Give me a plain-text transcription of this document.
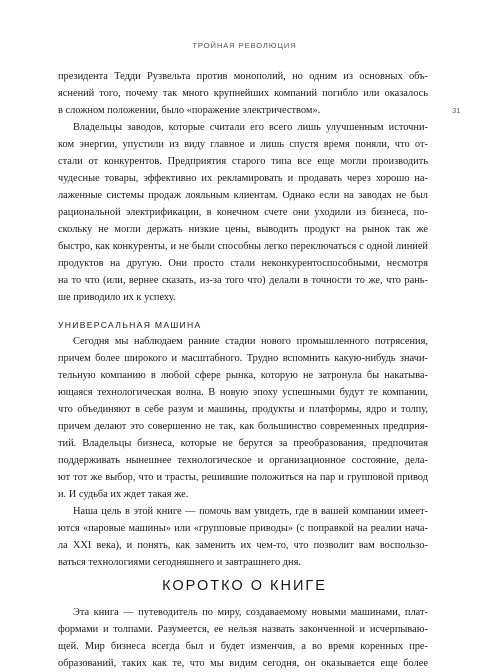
ТРОЙНАЯ РЕВОЛЮЦИЯ
31
президента Тедди Рузвельта против монополий, но одним из основных объ-
яснений того, почему так много крупнейших компаний погибло или оказалось
в сложном положении, было «поражение электричеством».
Владельцы заводов, которые считали его всего лишь улучшенным источни-
ком энергии, упустили из виду главное и лишь спустя время поняли, что от-
стали от конкурентов. Предприятия старого типа все еще могли производить
чудесные товары, эффективно их рекламировать и продавать через хорошо на-
лаженные системы продаж лояльным клиентам. Однако если на заводах не был
рациональной электрификации, в конечном счете они уходили из бизнеса, по-
скольку не могли держать низкие цены, выводить продукт на рынок так же
быстро, как конкуренты, и не были способны легко переключаться с одной линией
продуктов на другую. Они просто стали неконкурентоспособными, несмотря
на то что (или, вернее сказать, из-за того что) делали в точности то же, что рань-
ше приводило их к успеху.
УНИВЕРСАЛЬНАЯ МАШИНА
Сегодня мы наблюдаем ранние стадии нового промышленного потрясения,
причем более широкого и масштабного. Трудно вспомнить какую-нибудь значи-
тельную компанию в любой сфере рынка, которую не затронула бы накатыва-
ющаяся технологическая волна. В новую эпоху успешными будут те компании,
что объединяют в себе разум и машины, продукты и платформы, ядро и толпу,
причем делают это совершенно не так, как большинство современных предприя-
тий. Владельцы бизнеса, которые не берутся за преобразования, предпочитая
поддерживать нынешнее технологическое и организационное состояние, дела-
ют тот же выбор, что и трасты, решившие положиться на пар и групповой привод
и. И судьба их ждет такая же.
Наша цель в этой книге — помочь вам увидеть, где в вашей компании имеет-
ются «паровые машины» или «групповые приводы» (с поправкой на реалии нача-
ла XXI века), и понять, как заменить их чем-то, что позволит вам воспользо-
ваться технологиями сегодняшнего и завтрашнего дня.
КОРОТКО О КНИГЕ
Эта книга — путеводитель по миру, создаваемому новыми машинами, плат-
формами и толпами. Разумеется, ее нельзя назвать законченной и исчерпываю-
щей. Мир бизнеса всегда был и будет изменчив, а во время коренных пре-
образований, таких как те, что мы видим сегодня, он оказывается еще более
